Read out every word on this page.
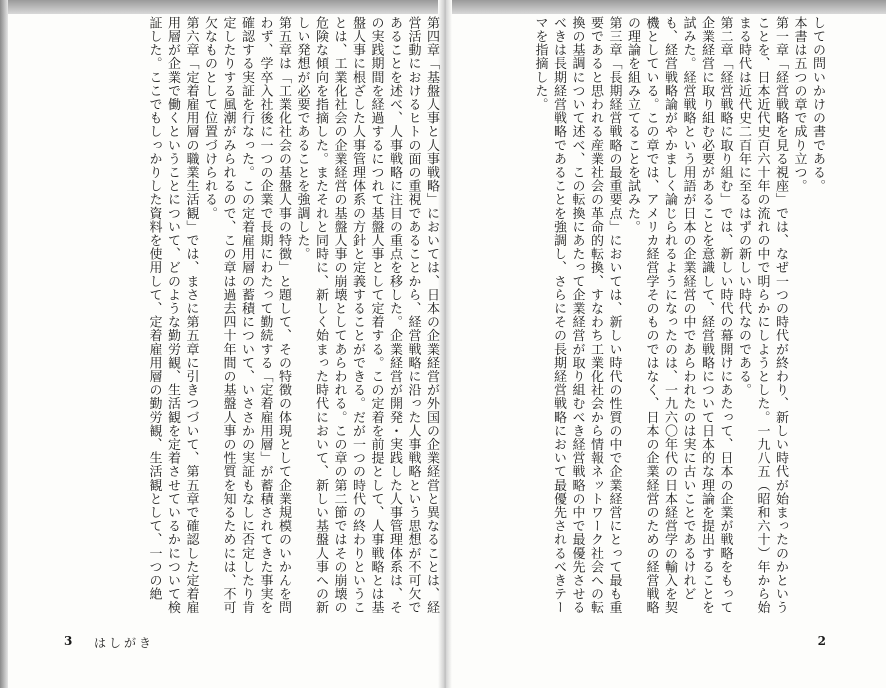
しての問いかけの書である。

本書は五つの章で成り立つ。

第一章「経営戦略を見る視座」では、なぜ一つの時代が終わり、新しい時代が始まったのかということを、日本近代史百六十年の流れの中で明らかにしようとした。一九八五（昭和六十）年から始まる時代は近代史二百年に至るはずの新しい時代なのである。

第二章「経営戦略に取り組む」では、新しい時代の幕開けにあたって、日本の企業が戦略をもって企業経営に取り組む必要があることを意識して、経営戦略について日本的な理論を提出することを試みた。経営戦略という用語が日本の企業経営の中であらわれたのは実に古いことであるけれども、経営戦略論がやかましく論じられるようになったのは、一九六〇年代の日本経営学の輸入を契機としている。この章では、アメリカ経営学そのものではなく、日本の企業経営のための経営戦略の理論を組み立てることを試みた。

第三章「長期経営戦略の最重要点」においては、新しい時代の性質の中で企業経営にとって最も重要であると思われる産業社会の革命的転換、すなわち工業化社会から情報ネットワーク社会への転換の基調について述べ、この転換にあたって企業経営が取り組むべき経営戦略の中で最優先させるべきは長期経営戦略であることを強調し、さらにその長期経営戦略において最優先されるべきテーマを指摘した。

第四章「基盤人事と人事戦略」においては、日本の企業経営が外国の企業経営と異なることは、経営活動におけるヒトの面の重視であることから、経営戦略に沿った人事戦略という思想が不可欠であることを述べ、人事戦略に注目の重点を移した。企業経営が開発・実践した人事管理体系は、その実践期間を経過するにつれて基盤人事として定着する。この定着を前提として、人事戦略とは基盤人事に根ざした人事管理体系の方針と定義することができる。だが一つの時代の終わりということは、工業化社会の企業経営の基盤人事の崩壊としてあらわれる。この章の第二節ではその崩壊の危険な傾向を指摘した。またそれと同時に、新しく始まった時代において、新しい基盤人事への新しい発想が必要であることを強調した。

第五章は「工業化社会の基盤人事の特徴」と題して、その特徴の体現として企業規模のいかんを問わず、学卒入社後に一つの企業で長期にわたって勤続する「定着雇用層」が蓄積されてきた事実を確認する実証を行なった。この定着雇用層の蓄積について、いささかの実証もなしに否定したり肯定したりする風潮がみられるので、この章は過去四十年間の基盤人事の性質を知るためには、不可欠なものとして位置づけられる。

第六章「定着雇用層の職業生活観」では、まさに第五章に引きつづいて、第五章で確認した定着雇用層が企業で働くということについて、どのような勤労観、生活観を定着させているかについて検証した。ここでもしっかりした資料を使用して、定着雇用層の勤労観、生活観として、一つの絶

3 はしがき	2
